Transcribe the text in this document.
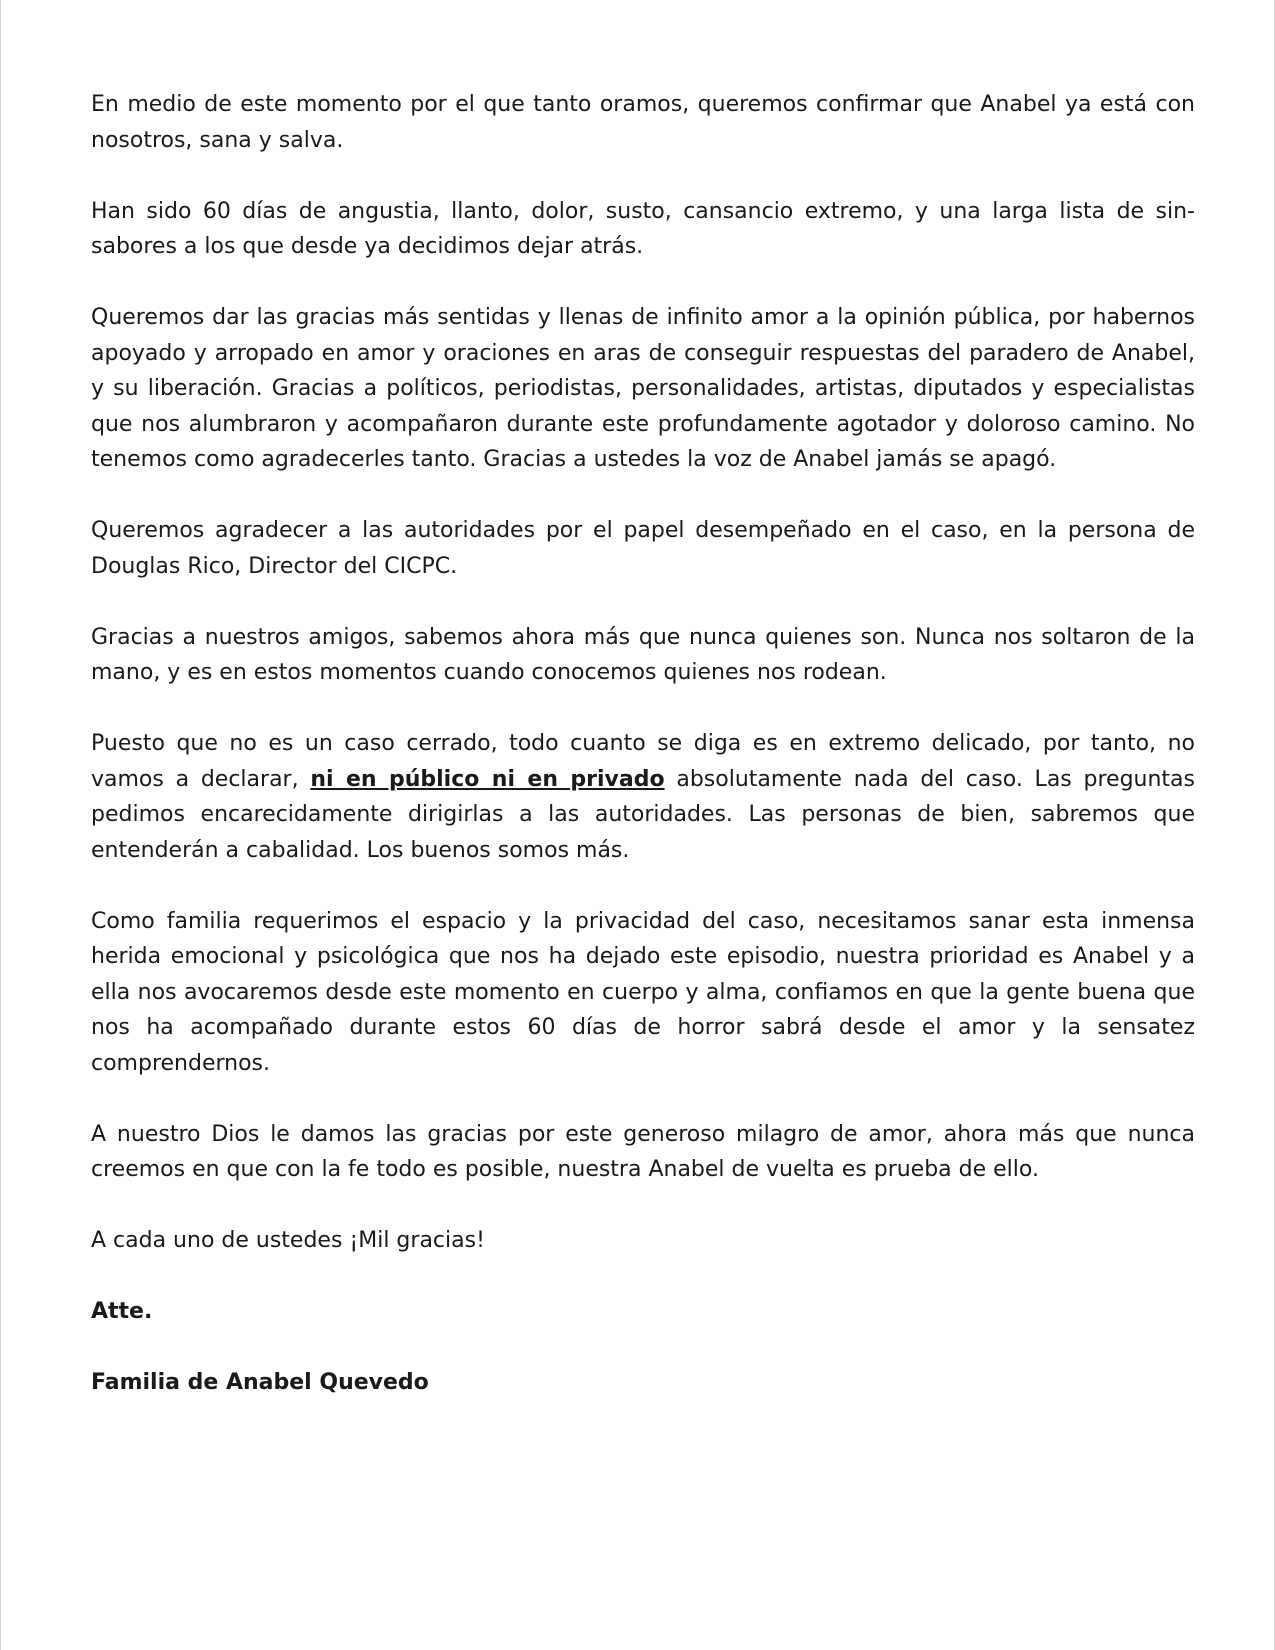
En medio de este momento por el que tanto oramos, queremos confirmar que Anabel ya está con nosotros, sana y salva.

Han sido 60 días de angustia, llanto, dolor, susto, cansancio extremo, y una larga lista de sinsabores a los que desde ya decidimos dejar atrás.

Queremos dar las gracias más sentidas y llenas de infinito amor a la opinión pública, por habernos apoyado y arropado en amor y oraciones en aras de conseguir respuestas del paradero de Anabel, y su liberación. Gracias a políticos, periodistas, personalidades, artistas, diputados y especialistas que nos alumbraron y acompañaron durante este profundamente agotador y doloroso camino. No tenemos como agradecerles tanto. Gracias a ustedes la voz de Anabel jamás se apagó.

Queremos agradecer a las autoridades por el papel desempeñado en el caso, en la persona de Douglas Rico, Director del CICPC.

Gracias a nuestros amigos, sabemos ahora más que nunca quienes son. Nunca nos soltaron de la mano, y es en estos momentos cuando conocemos quienes nos rodean.

Puesto que no es un caso cerrado, todo cuanto se diga es en extremo delicado, por tanto, no vamos a declarar, ni en público ni en privado absolutamente nada del caso. Las preguntas pedimos encarecidamente dirigirlas a las autoridades. Las personas de bien, sabremos que entenderán a cabalidad. Los buenos somos más.

Como familia requerimos el espacio y la privacidad del caso, necesitamos sanar esta inmensa herida emocional y psicológica que nos ha dejado este episodio, nuestra prioridad es Anabel y a ella nos avocaremos desde este momento en cuerpo y alma, confiamos en que la gente buena que nos ha acompañado durante estos 60 días de horror sabrá desde el amor y la sensatez comprendernos.

A nuestro Dios le damos las gracias por este generoso milagro de amor, ahora más que nunca creemos en que con la fe todo es posible, nuestra Anabel de vuelta es prueba de ello.

A cada uno de ustedes ¡Mil gracias!

Atte.

Familia de Anabel Quevedo
